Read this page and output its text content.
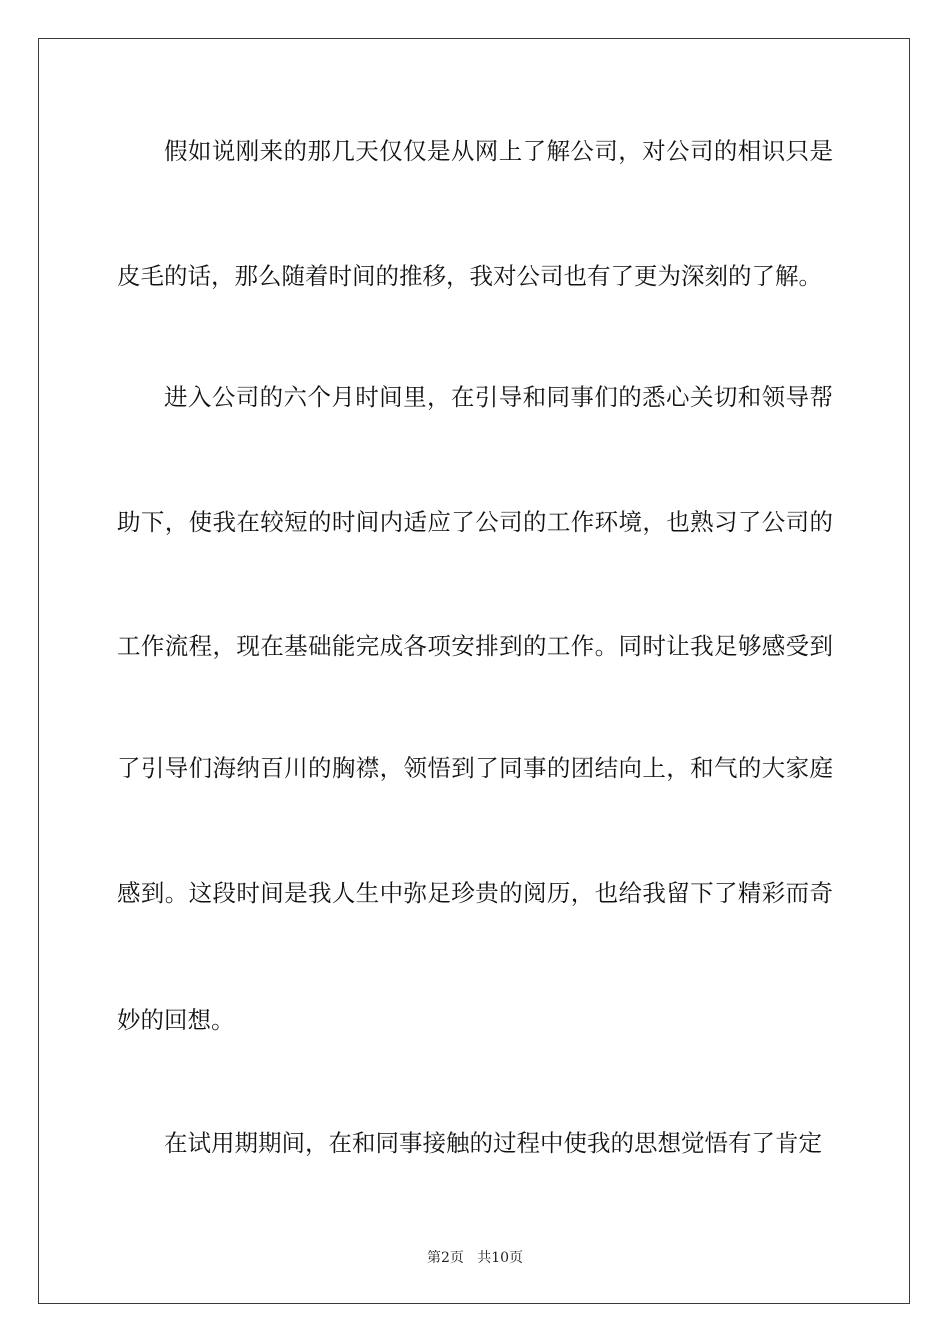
假如说刚来的那几天仅仅是从网上了解公司，对公司的相识只是
皮毛的话，那么随着时间的推移，我对公司也有了更为深刻的了解。
进入公司的六个月时间里，在引导和同事们的悉心关切和领导帮
助下，使我在较短的时间内适应了公司的工作环境，也熟习了公司的
工作流程，现在基础能完成各项安排到的工作。同时让我足够感受到
了引导们海纳百川的胸襟，领悟到了同事的团结向上，和气的大家庭
感到。这段时间是我人生中弥足珍贵的阅历，也给我留下了精彩而奇
妙的回想。
在试用期期间，在和同事接触的过程中使我的思想觉悟有了肯定
第2页   共10页
